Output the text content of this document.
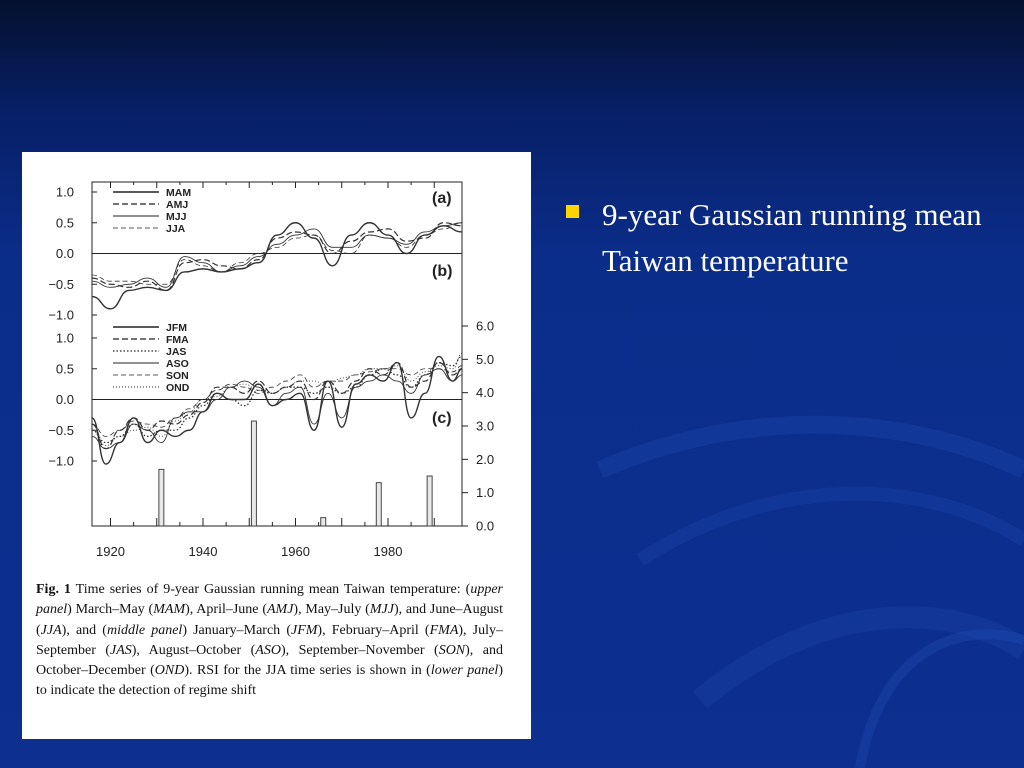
1.0
0.5
0.0
−0.5
−1.0
MAM
AMJ
MJJ
JJA
(a)
1.0
0.5
0.0
−0.5
−1.0
JFM
FMA
JAS
ASO
SON
OND
(b)
6.0
5.0
4.0
3.0
2.0
1.0
0.0
(c)
1920	1940	1960	1980
Fig. 1 Time series of 9-year Gaussian running mean Taiwan temperature: (upper panel) March–May (MAM), April–June (AMJ), May–July (MJJ), and June–August (JJA), and (middle panel) January–March (JFM), February–April (FMA), July–September (JAS), August–October (ASO), September–November (SON), and October–December (OND). RSI for the JJA time series is shown in (lower panel) to indicate the detection of regime shift
9-year Gaussian running mean Taiwan temperature
